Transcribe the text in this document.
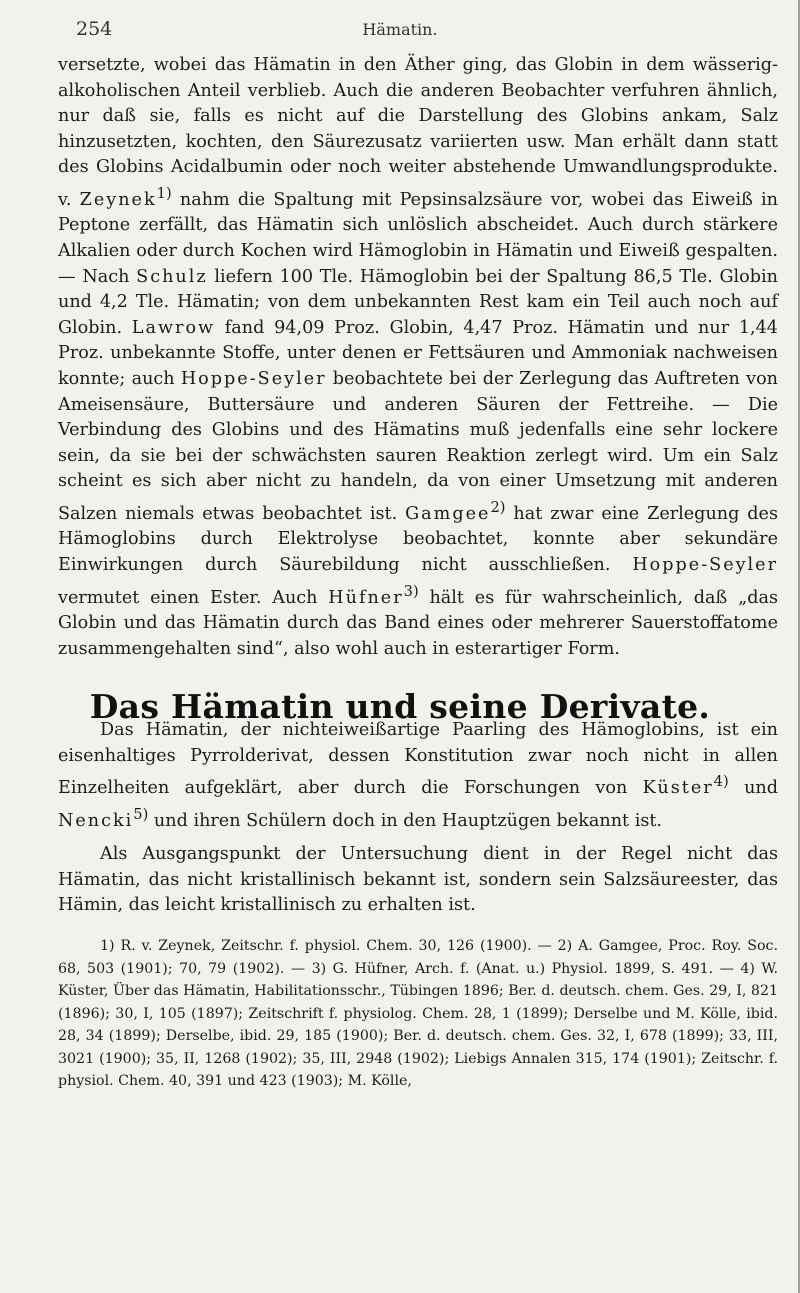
254	Hämatin.

versetzte, wobei das Hämatin in den Äther ging, das Globin in dem wässerig-alkoholischen Anteil verblieb. Auch die anderen Beobachter verfuhren ähnlich, nur daß sie, falls es nicht auf die Darstellung des Globins ankam, Salz hinzusetzten, kochten, den Säurezusatz variierten usw. Man erhält dann statt des Globins Acidalbumin oder noch weiter abstehende Umwandlungsprodukte. v. Zeynek$^{1)}$ nahm die Spaltung mit Pepsinsalzsäure vor, wobei das Eiweiß in Peptone zerfällt, das Hämatin sich unlöslich abscheidet. Auch durch stärkere Alkalien oder durch Kochen wird Hämoglobin in Hämatin und Eiweiß gespalten. — Nach Schulz liefern 100 Tle. Hämoglobin bei der Spaltung 86,5 Tle. Globin und 4,2 Tle. Hämatin; von dem unbekannten Rest kam ein Teil auch noch auf Globin. Lawrow fand 94,09 Proz. Globin, 4,47 Proz. Hämatin und nur 1,44 Proz. unbekannte Stoffe, unter denen er Fettsäuren und Ammoniak nachweisen konnte; auch Hoppe-Seyler beobachtete bei der Zerlegung das Auftreten von Ameisensäure, Buttersäure und anderen Säuren der Fettreihe. — Die Verbindung des Globins und des Hämatins muß jedenfalls eine sehr lockere sein, da sie bei der schwächsten sauren Reaktion zerlegt wird. Um ein Salz scheint es sich aber nicht zu handeln, da von einer Umsetzung mit anderen Salzen niemals etwas beobachtet ist. Gamgee$^{2)}$ hat zwar eine Zerlegung des Hämoglobins durch Elektrolyse beobachtet, konnte aber sekundäre Einwirkungen durch Säurebildung nicht ausschließen. Hoppe-Seyler vermutet einen Ester. Auch Hüfner$^{3)}$ hält es für wahrscheinlich, daß „das Globin und das Hämatin durch das Band eines oder mehrerer Sauerstoffatome zusammengehalten sind“, also wohl auch in esterartiger Form.

Das Hämatin und seine Derivate.

Das Hämatin, der nichteiweißartige Paarling des Hämoglobins, ist ein eisenhaltiges Pyrrolderivat, dessen Konstitution zwar noch nicht in allen Einzelheiten aufgeklärt, aber durch die Forschungen von Küster$^{4)}$ und Nencki$^{5)}$ und ihren Schülern doch in den Hauptzügen bekannt ist.

Als Ausgangspunkt der Untersuchung dient in der Regel nicht das Hämatin, das nicht kristallinisch bekannt ist, sondern sein Salzsäureester, das Hämin, das leicht kristallinisch zu erhalten ist.

1) R. v. Zeynek, Zeitschr. f. physiol. Chem. 30, 126 (1900). — 2) A. Gamgee, Proc. Roy. Soc. 68, 503 (1901); 70, 79 (1902). — 3) G. Hüfner, Arch. f. (Anat. u.) Physiol. 1899, S. 491. — 4) W. Küster, Über das Hämatin, Habilitationsschr., Tübingen 1896; Ber. d. deutsch. chem. Ges. 29, I, 821 (1896); 30, I, 105 (1897); Zeitschrift f. physiolog. Chem. 28, 1 (1899); Derselbe und M. Kölle, ibid. 28, 34 (1899); Derselbe, ibid. 29, 185 (1900); Ber. d. deutsch. chem. Ges. 32, I, 678 (1899); 33, III, 3021 (1900); 35, II, 1268 (1902); 35, III, 2948 (1902); Liebigs Annalen 315, 174 (1901); Zeitschr. f. physiol. Chem. 40, 391 und 423 (1903); M. Kölle,
